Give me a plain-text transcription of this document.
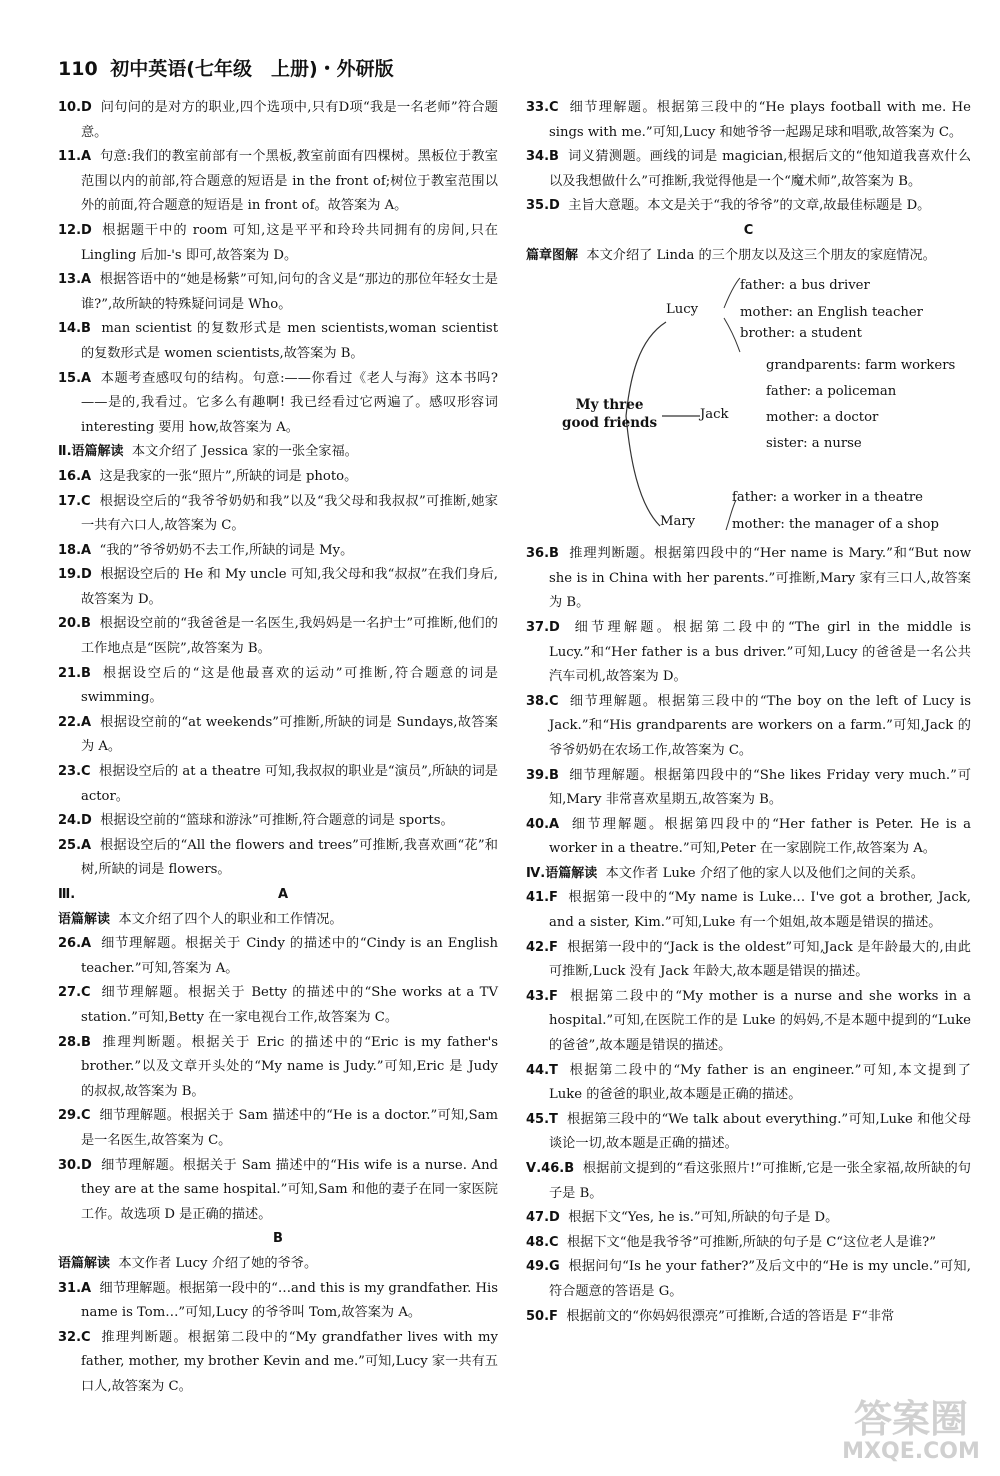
110 初中英语(七年级　上册)・外研版

10.D 问句问的是对方的职业,四个选项中,只有D项“我是一名老师”符合题意。

11.A 句意:我们的教室前部有一个黑板,教室前面有四棵树。黑板位于教室范围以内的前部,符合题意的短语是 in the front of;树位于教室范围以外的前面,符合题意的短语是 in front of。故答案为 A。

12.D 根据题干中的 room 可知,这是平平和玲玲共同拥有的房间,只在 Lingling 后加-'s 即可,故答案为 D。

13.A 根据答语中的“她是杨紫”可知,问句的含义是“那边的那位年轻女士是谁?”,故所缺的特殊疑问词是 Who。

14.B man scientist 的复数形式是 men scientists,woman scientist 的复数形式是 women scientists,故答案为 B。

15.A 本题考查感叹句的结构。句意:——你看过《老人与海》这本书吗? ——是的,我看过。它多么有趣啊! 我已经看过它两遍了。感叹形容词 interesting 要用 how,故答案为 A。

Ⅱ.语篇解读 本文介绍了 Jessica 家的一张全家福。

16.A 这是我家的一张“照片”,所缺的词是 photo。

17.C 根据设空后的“我爷爷奶奶和我”以及“我父母和我叔叔”可推断,她家一共有六口人,故答案为 C。

18.A “我的”爷爷奶奶不去工作,所缺的词是 My。

19.D 根据设空后的 He 和 My uncle 可知,我父母和我“叔叔”在我们身后,故答案为 D。

20.B 根据设空前的“我爸爸是一名医生,我妈妈是一名护士”可推断,他们的工作地点是“医院”,故答案为 B。

21.B 根据设空后的“这是他最喜欢的运动”可推断,符合题意的词是 swimming。

22.A 根据设空前的“at weekends”可推断,所缺的词是 Sundays,故答案为 A。

23.C 根据设空后的 at a theatre 可知,我叔叔的职业是“演员”,所缺的词是 actor。

24.D 根据设空前的“篮球和游泳”可推断,符合题意的词是 sports。

25.A 根据设空后的“All the flowers and trees”可推断,我喜欢画“花”和树,所缺的词是 flowers。

Ⅲ.	A

语篇解读 本文介绍了四个人的职业和工作情况。

26.A 细节理解题。根据关于 Cindy 的描述中的“Cindy is an English teacher.”可知,答案为 A。

27.C 细节理解题。根据关于 Betty 的描述中的“She works at a TV station.”可知,Betty 在一家电视台工作,故答案为 C。

28.B 推理判断题。根据关于 Eric 的描述中的“Eric is my father's brother.”以及文章开头处的“My name is Judy.”可知,Eric 是 Judy 的叔叔,故答案为 B。

29.C 细节理解题。根据关于 Sam 描述中的“He is a doctor.”可知,Sam 是一名医生,故答案为 C。

30.D 细节理解题。根据关于 Sam 描述中的“His wife is a nurse. And they are at the same hospital.”可知,Sam 和他的妻子在同一家医院工作。故选项 D 是正确的描述。

B

语篇解读 本文作者 Lucy 介绍了她的爷爷。

31.A 细节理解题。根据第一段中的“…and this is my grandfather. His name is Tom…”可知,Lucy 的爷爷叫 Tom,故答案为 A。

32.C 推理判断题。根据第二段中的“My grandfather lives with my father, mother, my brother Kevin and me.”可知,Lucy 家一共有五口人,故答案为 C。

33.C 细节理解题。根据第三段中的“He plays football with me. He sings with me.”可知,Lucy 和她爷爷一起踢足球和唱歌,故答案为 C。

34.B 词义猜测题。画线的词是 magician,根据后文的“他知道我喜欢什么以及我想做什么”可推断,我觉得他是一个“魔术师”,故答案为 B。

35.D 主旨大意题。本文是关于“我的爷爷”的文章,故最佳标题是 D。

C

篇章图解 本文介绍了 Linda 的三个朋友以及这三个朋友的家庭情况。

My three
good friends
Lucy
father: a bus driver
mother: an English teacher
brother: a student
Jack
grandparents: farm workers
father: a policeman
mother: a doctor
sister: a nurse
Mary
father: a worker in a theatre
mother: the manager of a shop

36.B 推理判断题。根据第四段中的“Her name is Mary.”和“But now she is in China with her parents.”可推断,Mary 家有三口人,故答案为 B。

37.D 细节理解题。根据第二段中的“The girl in the middle is Lucy.”和“Her father is a bus driver.”可知,Lucy 的爸爸是一名公共汽车司机,故答案为 D。

38.C 细节理解题。根据第三段中的“The boy on the left of Lucy is Jack.”和“His grandparents are workers on a farm.”可知,Jack 的爷爷奶奶在农场工作,故答案为 C。

39.B 细节理解题。根据第四段中的“She likes Friday very much.”可知,Mary 非常喜欢星期五,故答案为 B。

40.A 细节理解题。根据第四段中的“Her father is Peter. He is a worker in a theatre.”可知,Peter 在一家剧院工作,故答案为 A。

Ⅳ.语篇解读 本文作者 Luke 介绍了他的家人以及他们之间的关系。

41.F 根据第一段中的“My name is Luke… I've got a brother, Jack, and a sister, Kim.”可知,Luke 有一个姐姐,故本题是错误的描述。

42.F 根据第一段中的“Jack is the oldest”可知,Jack 是年龄最大的,由此可推断,Luck 没有 Jack 年龄大,故本题是错误的描述。

43.F 根据第二段中的“My mother is a nurse and she works in a hospital.”可知,在医院工作的是 Luke 的妈妈,不是本题中提到的“Luke 的爸爸”,故本题是错误的描述。

44.T 根据第二段中的“My father is an engineer.”可知,本文提到了 Luke 的爸爸的职业,故本题是正确的描述。

45.T 根据第三段中的“We talk about everything.”可知,Luke 和他父母谈论一切,故本题是正确的描述。

Ⅴ.46.B 根据前文提到的“看这张照片!”可推断,它是一张全家福,故所缺的句子是 B。

47.D 根据下文“Yes, he is.”可知,所缺的句子是 D。

48.C 根据下文“他是我爷爷”可推断,所缺的句子是 C“这位老人是谁?”

49.G 根据问句“Is he your father?”及后文中的“He is my uncle.”可知,符合题意的答语是 G。

50.F 根据前文的“你妈妈很漂亮”可推断,合适的答语是 F“非常

答案圈
MXQE.COM
